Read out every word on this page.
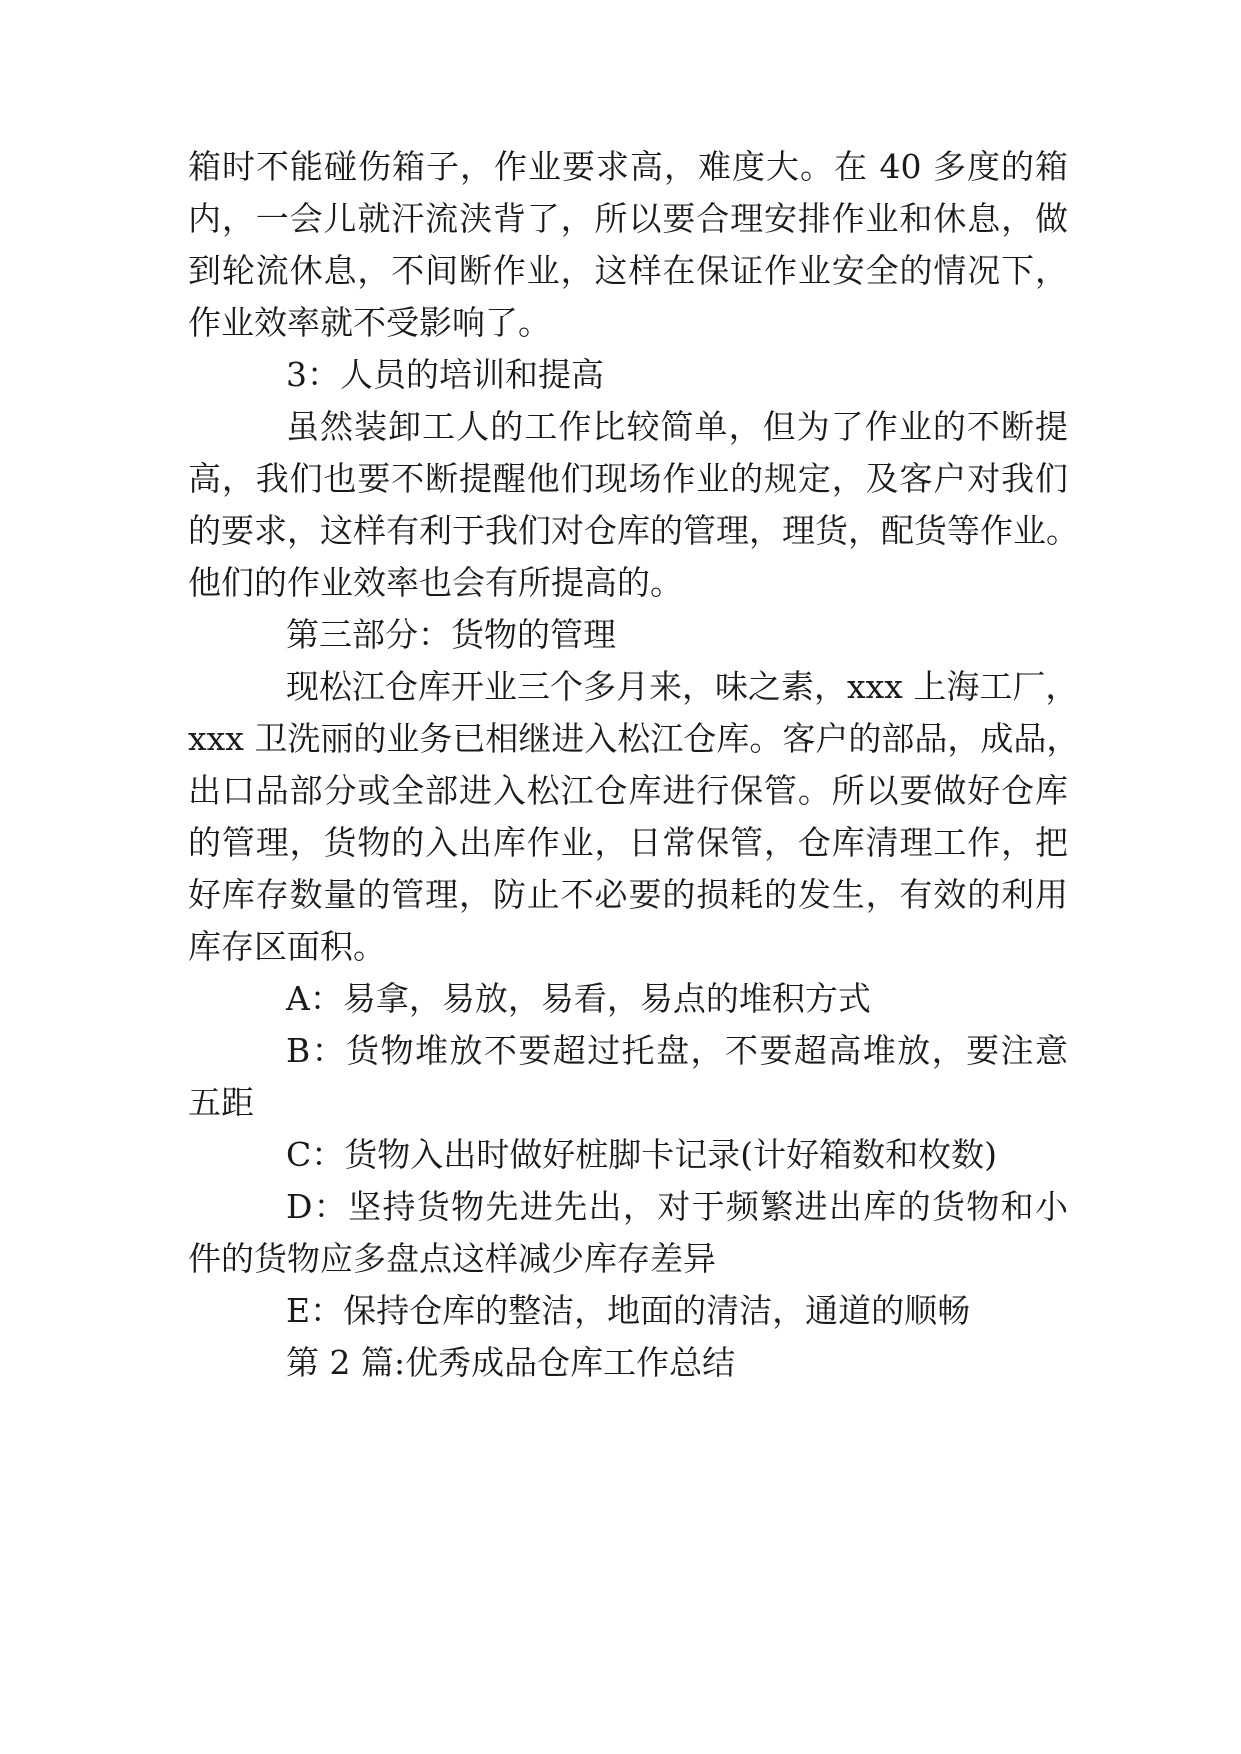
箱时不能碰伤箱子，作业要求高，难度大。在 40 多度的箱
内，一会儿就汗流浃背了，所以要合理安排作业和休息，做
到轮流休息，不间断作业，这样在保证作业安全的情况下，
作业效率就不受影响了。
3：人员的培训和提高
虽然装卸工人的工作比较简单，但为了作业的不断提
高，我们也要不断提醒他们现场作业的规定，及客户对我们
的要求，这样有利于我们对仓库的管理，理货，配货等作业。
他们的作业效率也会有所提高的。
第三部分：货物的管理
现松江仓库开业三个多月来，味之素，xxx 上海工厂，
xxx 卫洗丽的业务已相继进入松江仓库。客户的部品，成品，
出口品部分或全部进入松江仓库进行保管。所以要做好仓库
的管理，货物的入出库作业，日常保管，仓库清理工作，把
好库存数量的管理，防止不必要的损耗的发生，有效的利用
库存区面积。
A：易拿，易放，易看，易点的堆积方式
B：货物堆放不要超过托盘，不要超高堆放，要注意
五距
C：货物入出时做好桩脚卡记录(计好箱数和枚数)
D：坚持货物先进先出，对于频繁进出库的货物和小
件的货物应多盘点这样减少库存差异
E：保持仓库的整洁，地面的清洁，通道的顺畅
第 2 篇:优秀成品仓库工作总结
